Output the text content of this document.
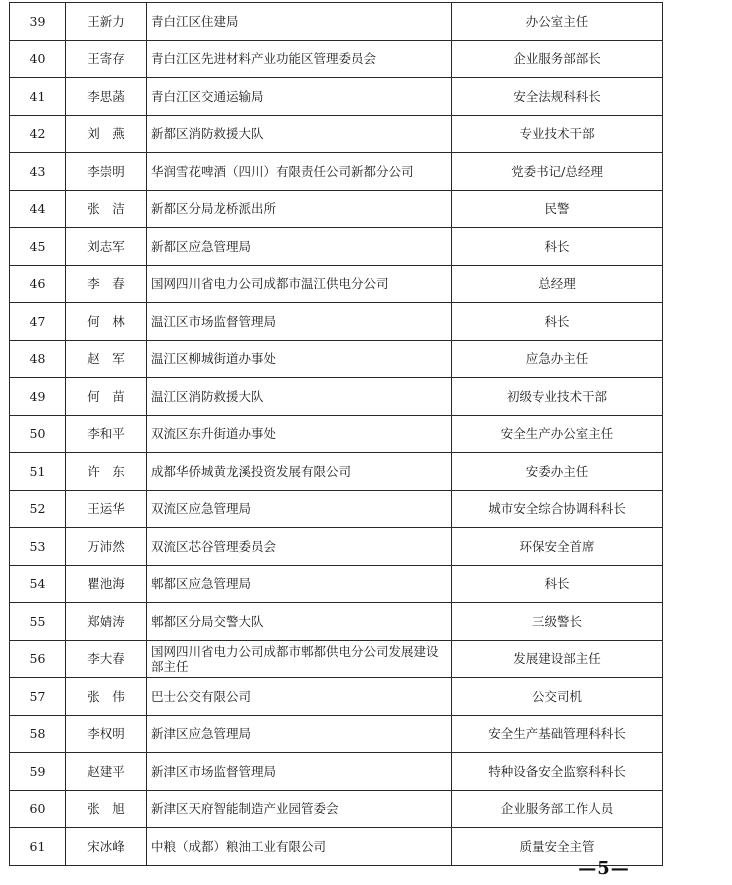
39	王新力	青白江区住建局	办公室主任
40	王寄存	青白江区先进材料产业功能区管理委员会	企业服务部部长
41	李思菡	青白江区交通运输局	安全法规科科长
42	刘　燕	新都区消防救援大队	专业技术干部
43	李崇明	华润雪花啤酒（四川）有限责任公司新都分公司	党委书记/总经理
44	张　洁	新都区分局龙桥派出所	民警
45	刘志军	新都区应急管理局	科长
46	李　春	国网四川省电力公司成都市温江供电分公司	总经理
47	何　林	温江区市场监督管理局	科长
48	赵　军	温江区柳城街道办事处	应急办主任
49	何　苗	温江区消防救援大队	初级专业技术干部
50	李和平	双流区东升街道办事处	安全生产办公室主任
51	许　东	成都华侨城黄龙溪投资发展有限公司	安委办主任
52	王运华	双流区应急管理局	城市安全综合协调科科长
53	万沛然	双流区芯谷管理委员会	环保安全首席
54	瞿池海	郫都区应急管理局	科长
55	郑婧涛	郫都区分局交警大队	三级警长
56	李大春	国网四川省电力公司成都市郫都供电分公司发展建设部主任	发展建设部主任
57	张　伟	巴士公交有限公司	公交司机
58	李权明	新津区应急管理局	安全生产基础管理科科长
59	赵建平	新津区市场监督管理局	特种设备安全监察科科长
60	张　旭	新津区天府智能制造产业园管委会	企业服务部工作人员
61	宋冰峰	中粮（成都）粮油工业有限公司	质量安全主管
—5—
